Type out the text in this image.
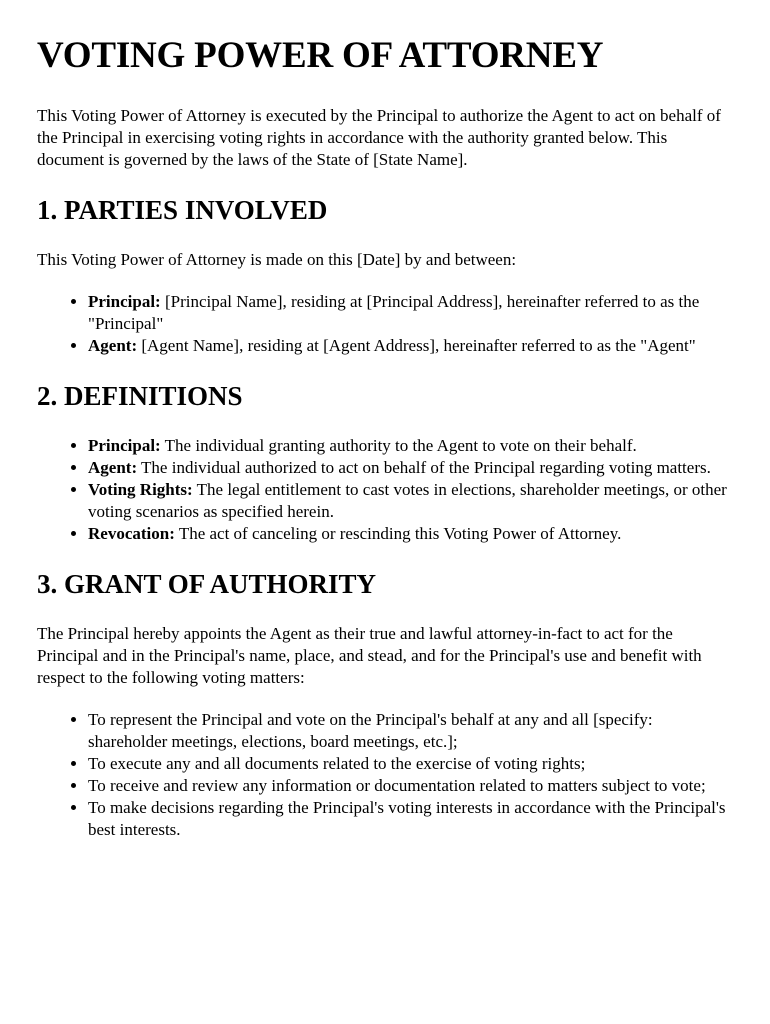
VOTING POWER OF ATTORNEY

This Voting Power of Attorney is executed by the Principal to authorize the Agent to act on behalf of the Principal in exercising voting rights in accordance with the authority granted below. This document is governed by the laws of the State of [State Name].

1. PARTIES INVOLVED

This Voting Power of Attorney is made on this [Date] by and between:

• Principal: [Principal Name], residing at [Principal Address], hereinafter referred to as the "Principal"
• Agent: [Agent Name], residing at [Agent Address], hereinafter referred to as the "Agent"
2. DEFINITIONS
• Principal: The individual granting authority to the Agent to vote on their behalf.
• Agent: The individual authorized to act on behalf of the Principal regarding voting matters.
• Voting Rights: The legal entitlement to cast votes in elections, shareholder meetings, or other voting scenarios as specified herein.
• Revocation: The act of canceling or rescinding this Voting Power of Attorney.
3. GRANT OF AUTHORITY

The Principal hereby appoints the Agent as their true and lawful attorney-in-fact to act for the Principal and in the Principal's name, place, and stead, and for the Principal's use and benefit with respect to the following voting matters:

• To represent the Principal and vote on the Principal's behalf at any and all [specify: shareholder meetings, elections, board meetings, etc.];
• To execute any and all documents related to the exercise of voting rights;
• To receive and review any information or documentation related to matters subject to vote;
• To make decisions regarding the Principal's voting interests in accordance with the Principal's best interests.
